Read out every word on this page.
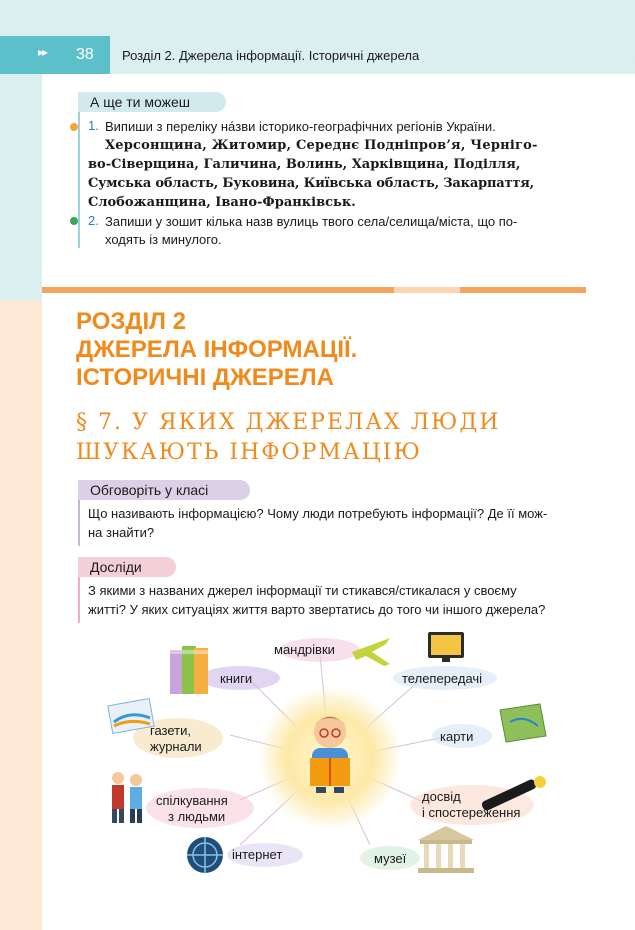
▸▸ 38 Розділ 2. Джерела інформації. Історичні джерела
А ще ти можеш
1. Випиши з переліку на́зви історико-географічних регіонів України.
Херсонщина, Житомир, Середнє Подніпров’я, Черніго-
во-Сіверщина, Галичина, Волинь, Харківщина, Поділля,
Сумська область, Буковина, Київська область, Закарпаття,
Слобожанщина, Івано-Франківськ.
2. Запиши у зошит кілька назв вулиць твого села/селища/міста, що по-
ходять із минулого.
РОЗДІЛ 2
ДЖЕРЕЛА ІНФОРМАЦІЇ.
ІСТОРИЧНІ ДЖЕРЕЛА
§ 7. У ЯКИХ ДЖЕРЕЛАХ ЛЮДИ
ШУКАЮТЬ ІНФОРМАЦІЮ
Обговоріть у класі
Що називають інформацією? Чому люди потребують інформації? Де її мож-
на знайти?
Досліди
З якими з названих джерел інформації ти стикався/стикалася у своєму
житті? У яких ситуаціях життя варто звертатись до того чи іншого джерела?
книги
мандрівки
телепередачі
газети,
журнали
карти
спілкування
з людьми
досвід
і спостереження
інтернет	музеї
